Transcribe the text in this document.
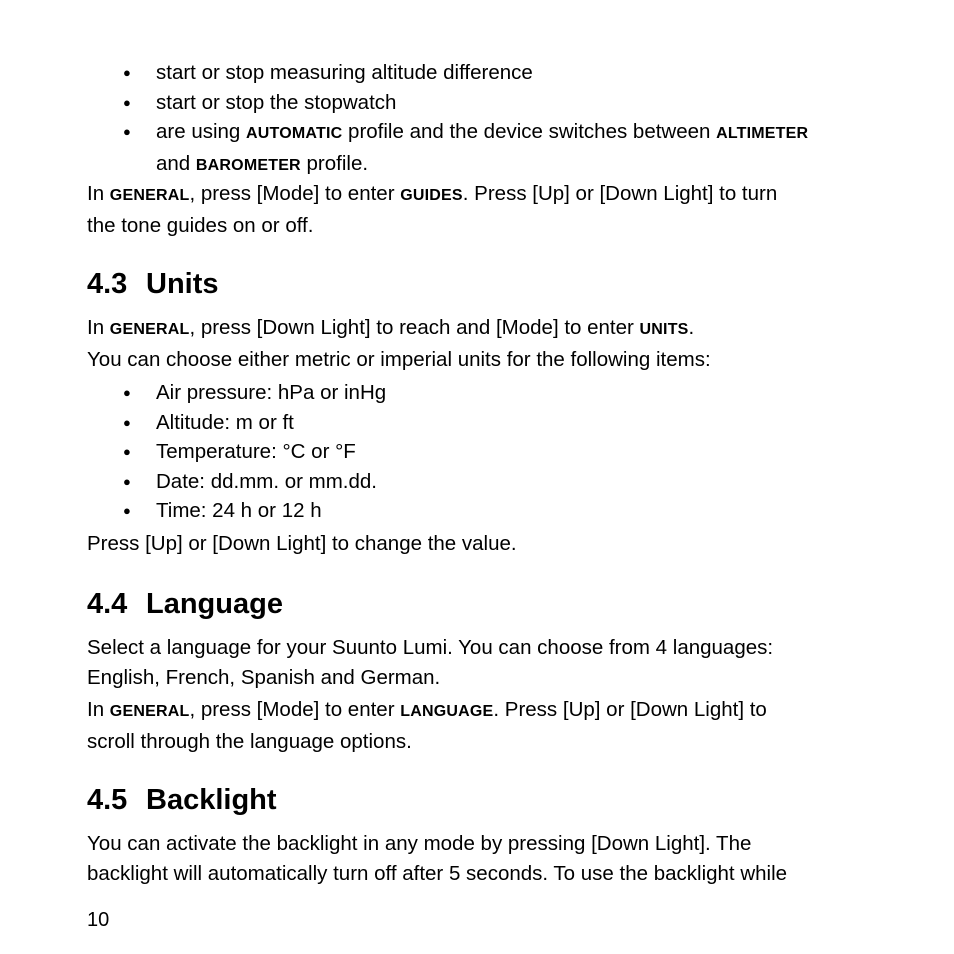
● start or stop measuring altitude difference
● start or stop the stopwatch
● are using AUTOMATIC profile and the device switches between ALTIMETER
and BAROMETER profile.

In GENERAL, press [Mode] to enter GUIDES. Press [Up] or [Down Light] to turn
the tone guides on or off.

4.3 Units

In GENERAL, press [Down Light] to reach and [Mode] to enter UNITS.

You can choose either metric or imperial units for the following items:

● Air pressure: hPa or inHg
● Altitude: m or ft
● Temperature: °C or °F
● Date: dd.mm. or mm.dd.
● Time: 24 h or 12 h

Press [Up] or [Down Light] to change the value.

4.4 Language

Select a language for your Suunto Lumi. You can choose from 4 languages:
English, French, Spanish and German.

In GENERAL, press [Mode] to enter LANGUAGE. Press [Up] or [Down Light] to
scroll through the language options.

4.5 Backlight

You can activate the backlight in any mode by pressing [Down Light]. The
backlight will automatically turn off after 5 seconds. To use the backlight while

10
